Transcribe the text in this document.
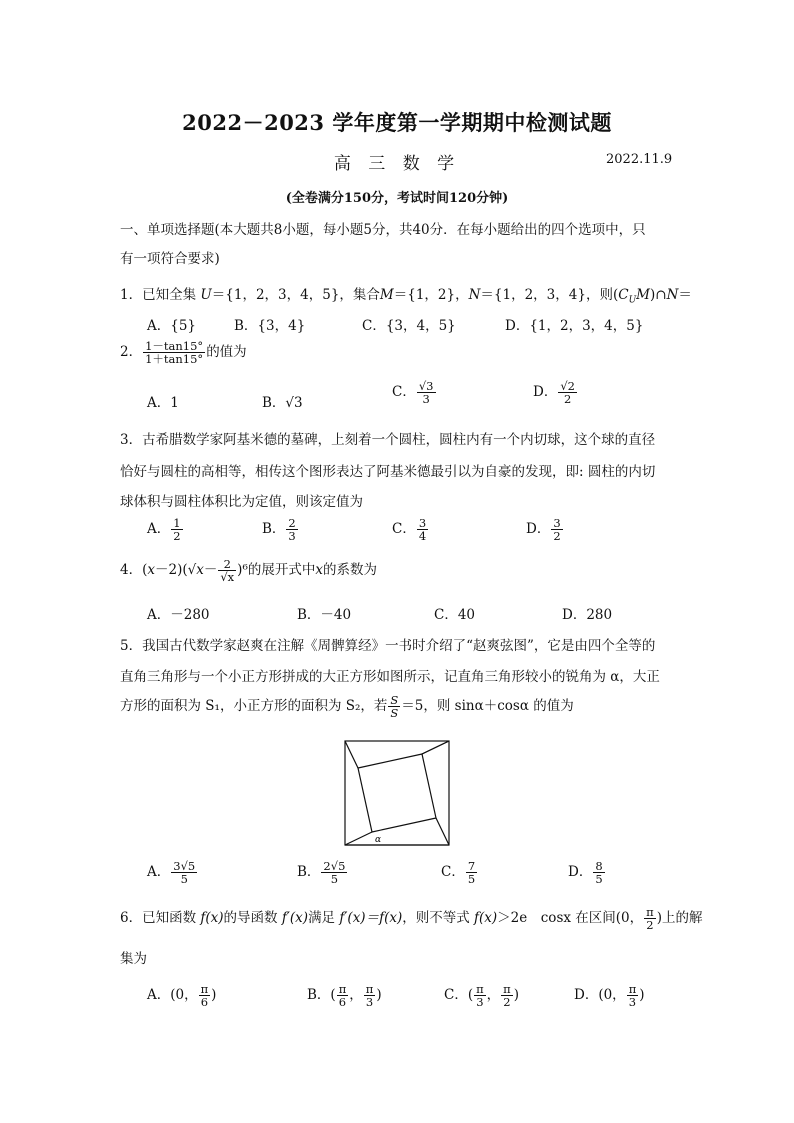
2022－2023 学年度第一学期期中检测试题
高 三 数 学	2022.11.9
(全卷满分150分，考试时间120分钟)
一、单项选择题(本大题共8小题，每小题5分，共40分．在每小题给出的四个选项中，只
有一项符合要求)
1．已知全集 U＝{1，2，3，4，5}，集合M＝{1，2}，N＝{1，2，3，4}，则$(C_UM)\cap N=$
A．{5}	B．{3，4}	C．{3，4，5}	D．{1，2，3，4，5}
2． $\frac{1-\tan 15^\circ}{1+\tan 15^\circ}$ 的值为
A．1	B．√3
C． $\frac{√3}{3}$	D． $\frac{√2}{2}$
3．古希腊数学家阿基米德的墓碑，上刻着一个圆柱，圆柱内有一个内切球，这个球的直径
恰好与圆柱的高相等，相传这个图形表达了阿基米德最引以为自豪的发现，即: 圆柱的内切
球体积与圆柱体积比为定值，则该定值为
A． $\frac{1}{2}$	B． $\frac{2}{3}$	C． $\frac{3}{4}$	D． $\frac{3}{2}$
4．$(x-2)(√x- \frac{2}{√x} )^6$的展开式中x的系数为
A．－280	B．－40	C．40	D．280
5．我国古代数学家赵爽在注解《周髀算经》一书时介绍了“赵爽弦图”，它是由四个全等的
直角三角形与一个小正方形拼成的大正方形如图所示，记直角三角形较小的锐角为 α，大正
方形的面积为 S₁，小正方形的面积为 S₂，若 $\frac{S}{S} =5$，则 sinα＋cosα 的值为
α
A． $\frac{3√5}{5}$	B． $\frac{2√5}{5}$	C． $\frac{7}{5}$	D． $\frac{8}{5}$
6．已知函数 f(x)的导函数 f′(x)满足 f′(x)＝f(x)，则不等式 f(x)＞2e　cosx 在区间(0， $\frac{\pi}{2}$ )上的解
集为
A．(0， $\frac{\pi}{6}$ )	B．( $\frac{\pi}{6}$ ， $\frac{\pi}{3}$ )	C．( $\frac{\pi}{3}$ ， $\frac{\pi}{2}$ )	D．(0， $\frac{\pi}{3}$ )
